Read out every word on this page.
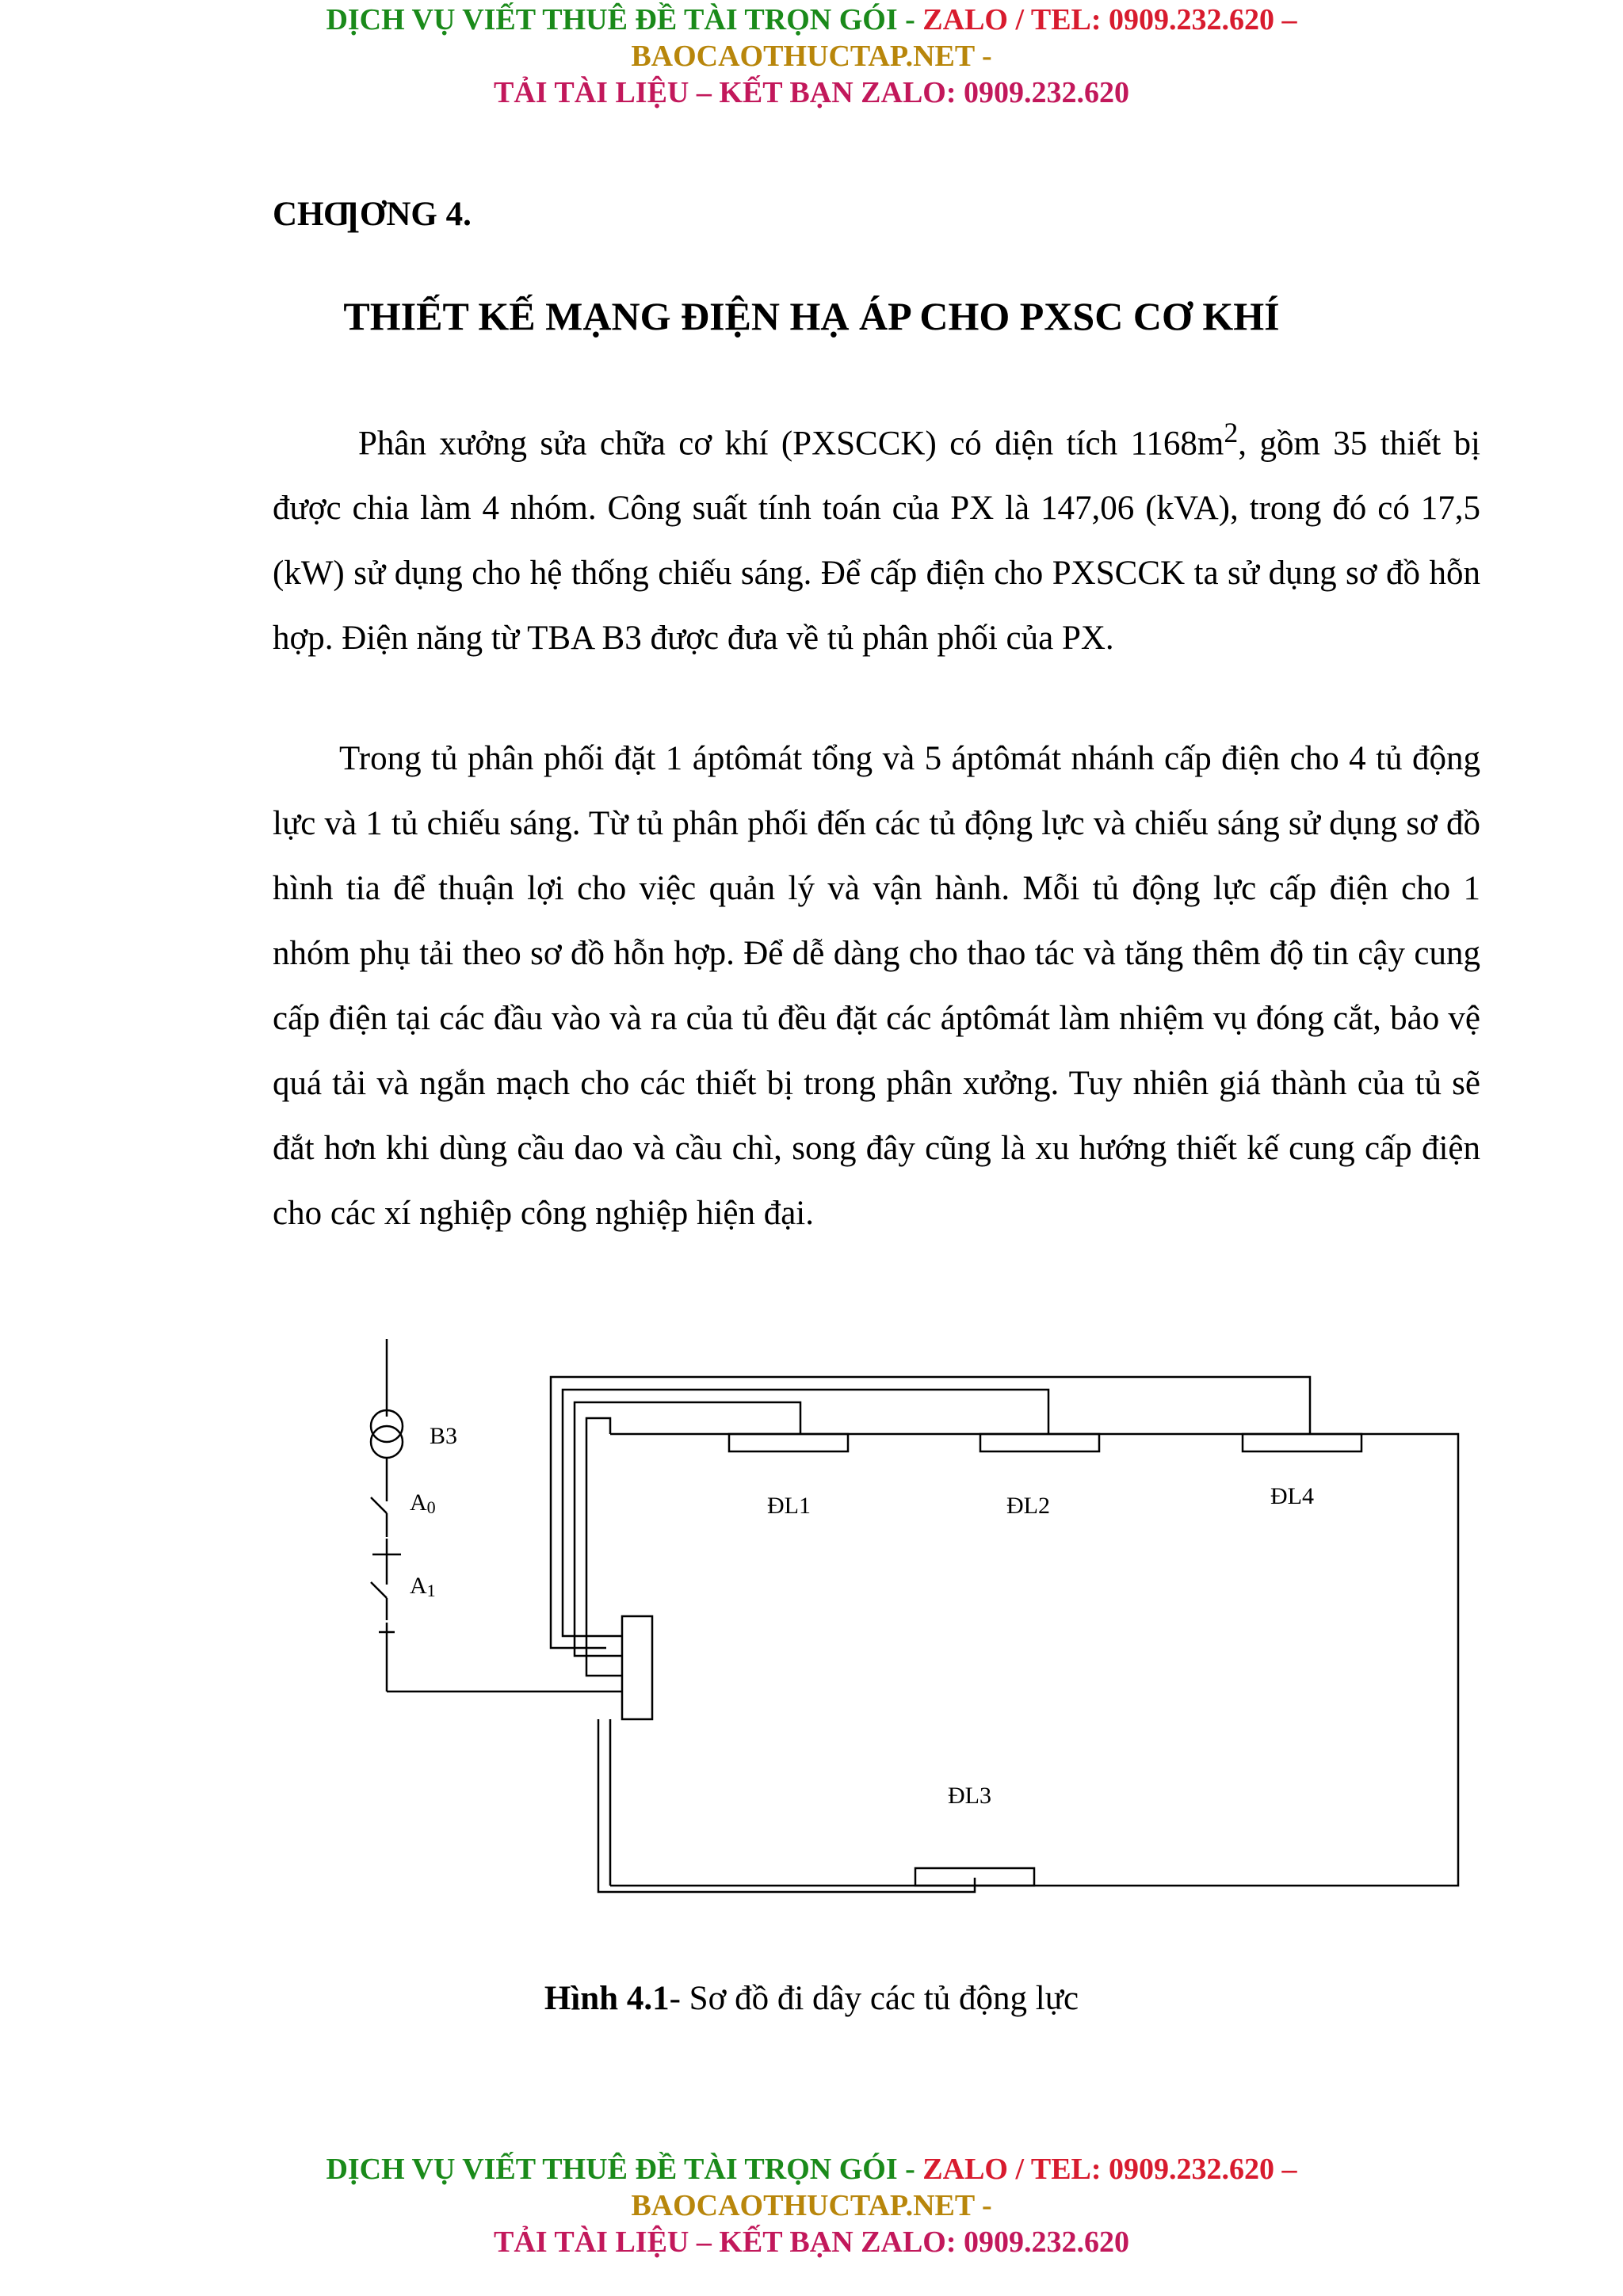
DỊCH VỤ VIẾT THUÊ ĐỀ TÀI TRỌN GÓI - ZALO / TEL: 0909.232.620 –
BAOCAOTHUCTAP.NET -
TẢI TÀI LIỆU – KẾT BẠN ZALO: 0909.232.620
CHƢƠNG 4.
THIẾT KẾ MẠNG ĐIỆN HẠ ÁP CHO PXSC CƠ KHÍ

Phân xưởng sửa chữa cơ khí (PXSCCK) có diện tích $1168m^2$, gồm 35 thiết bị được chia làm 4 nhóm. Công suất tính toán của PX là 147,06 (kVA), trong đó có 17,5 (kW) sử dụng cho hệ thống chiếu sáng. Để cấp điện cho PXSCCK ta sử dụng sơ đồ hỗn hợp. Điện năng từ TBA B3 được đưa về tủ phân phối của PX.

Trong tủ phân phối đặt 1 áptômát tổng và 5 áptômát nhánh cấp điện cho 4 tủ động lực và 1 tủ chiếu sáng. Từ tủ phân phối đến các tủ động lực và chiếu sáng sử dụng sơ đồ hình tia để thuận lợi cho việc quản lý và vận hành. Mỗi tủ động lực cấp điện cho 1 nhóm phụ tải theo sơ đồ hỗn hợp. Để dễ dàng cho thao tác và tăng thêm độ tin cậy cung cấp điện tại các đầu vào và ra của tủ đều đặt các áptômát làm nhiệm vụ đóng cắt, bảo vệ quá tải và ngắn mạch cho các thiết bị trong phân xưởng. Tuy nhiên giá thành của tủ sẽ đắt hơn khi dùng cầu dao và cầu chì, song đây cũng là xu hướng thiết kế cung cấp điện cho các xí nghiệp công nghiệp hiện đại.

B3
A0
A1
ĐL1	ĐL2	ĐL4
ĐL3
Hình 4.1- Sơ đồ đi dây các tủ động lực
DỊCH VỤ VIẾT THUÊ ĐỀ TÀI TRỌN GÓI - ZALO / TEL: 0909.232.620 –
BAOCAOTHUCTAP.NET -
TẢI TÀI LIỆU – KẾT BẠN ZALO: 0909.232.620
